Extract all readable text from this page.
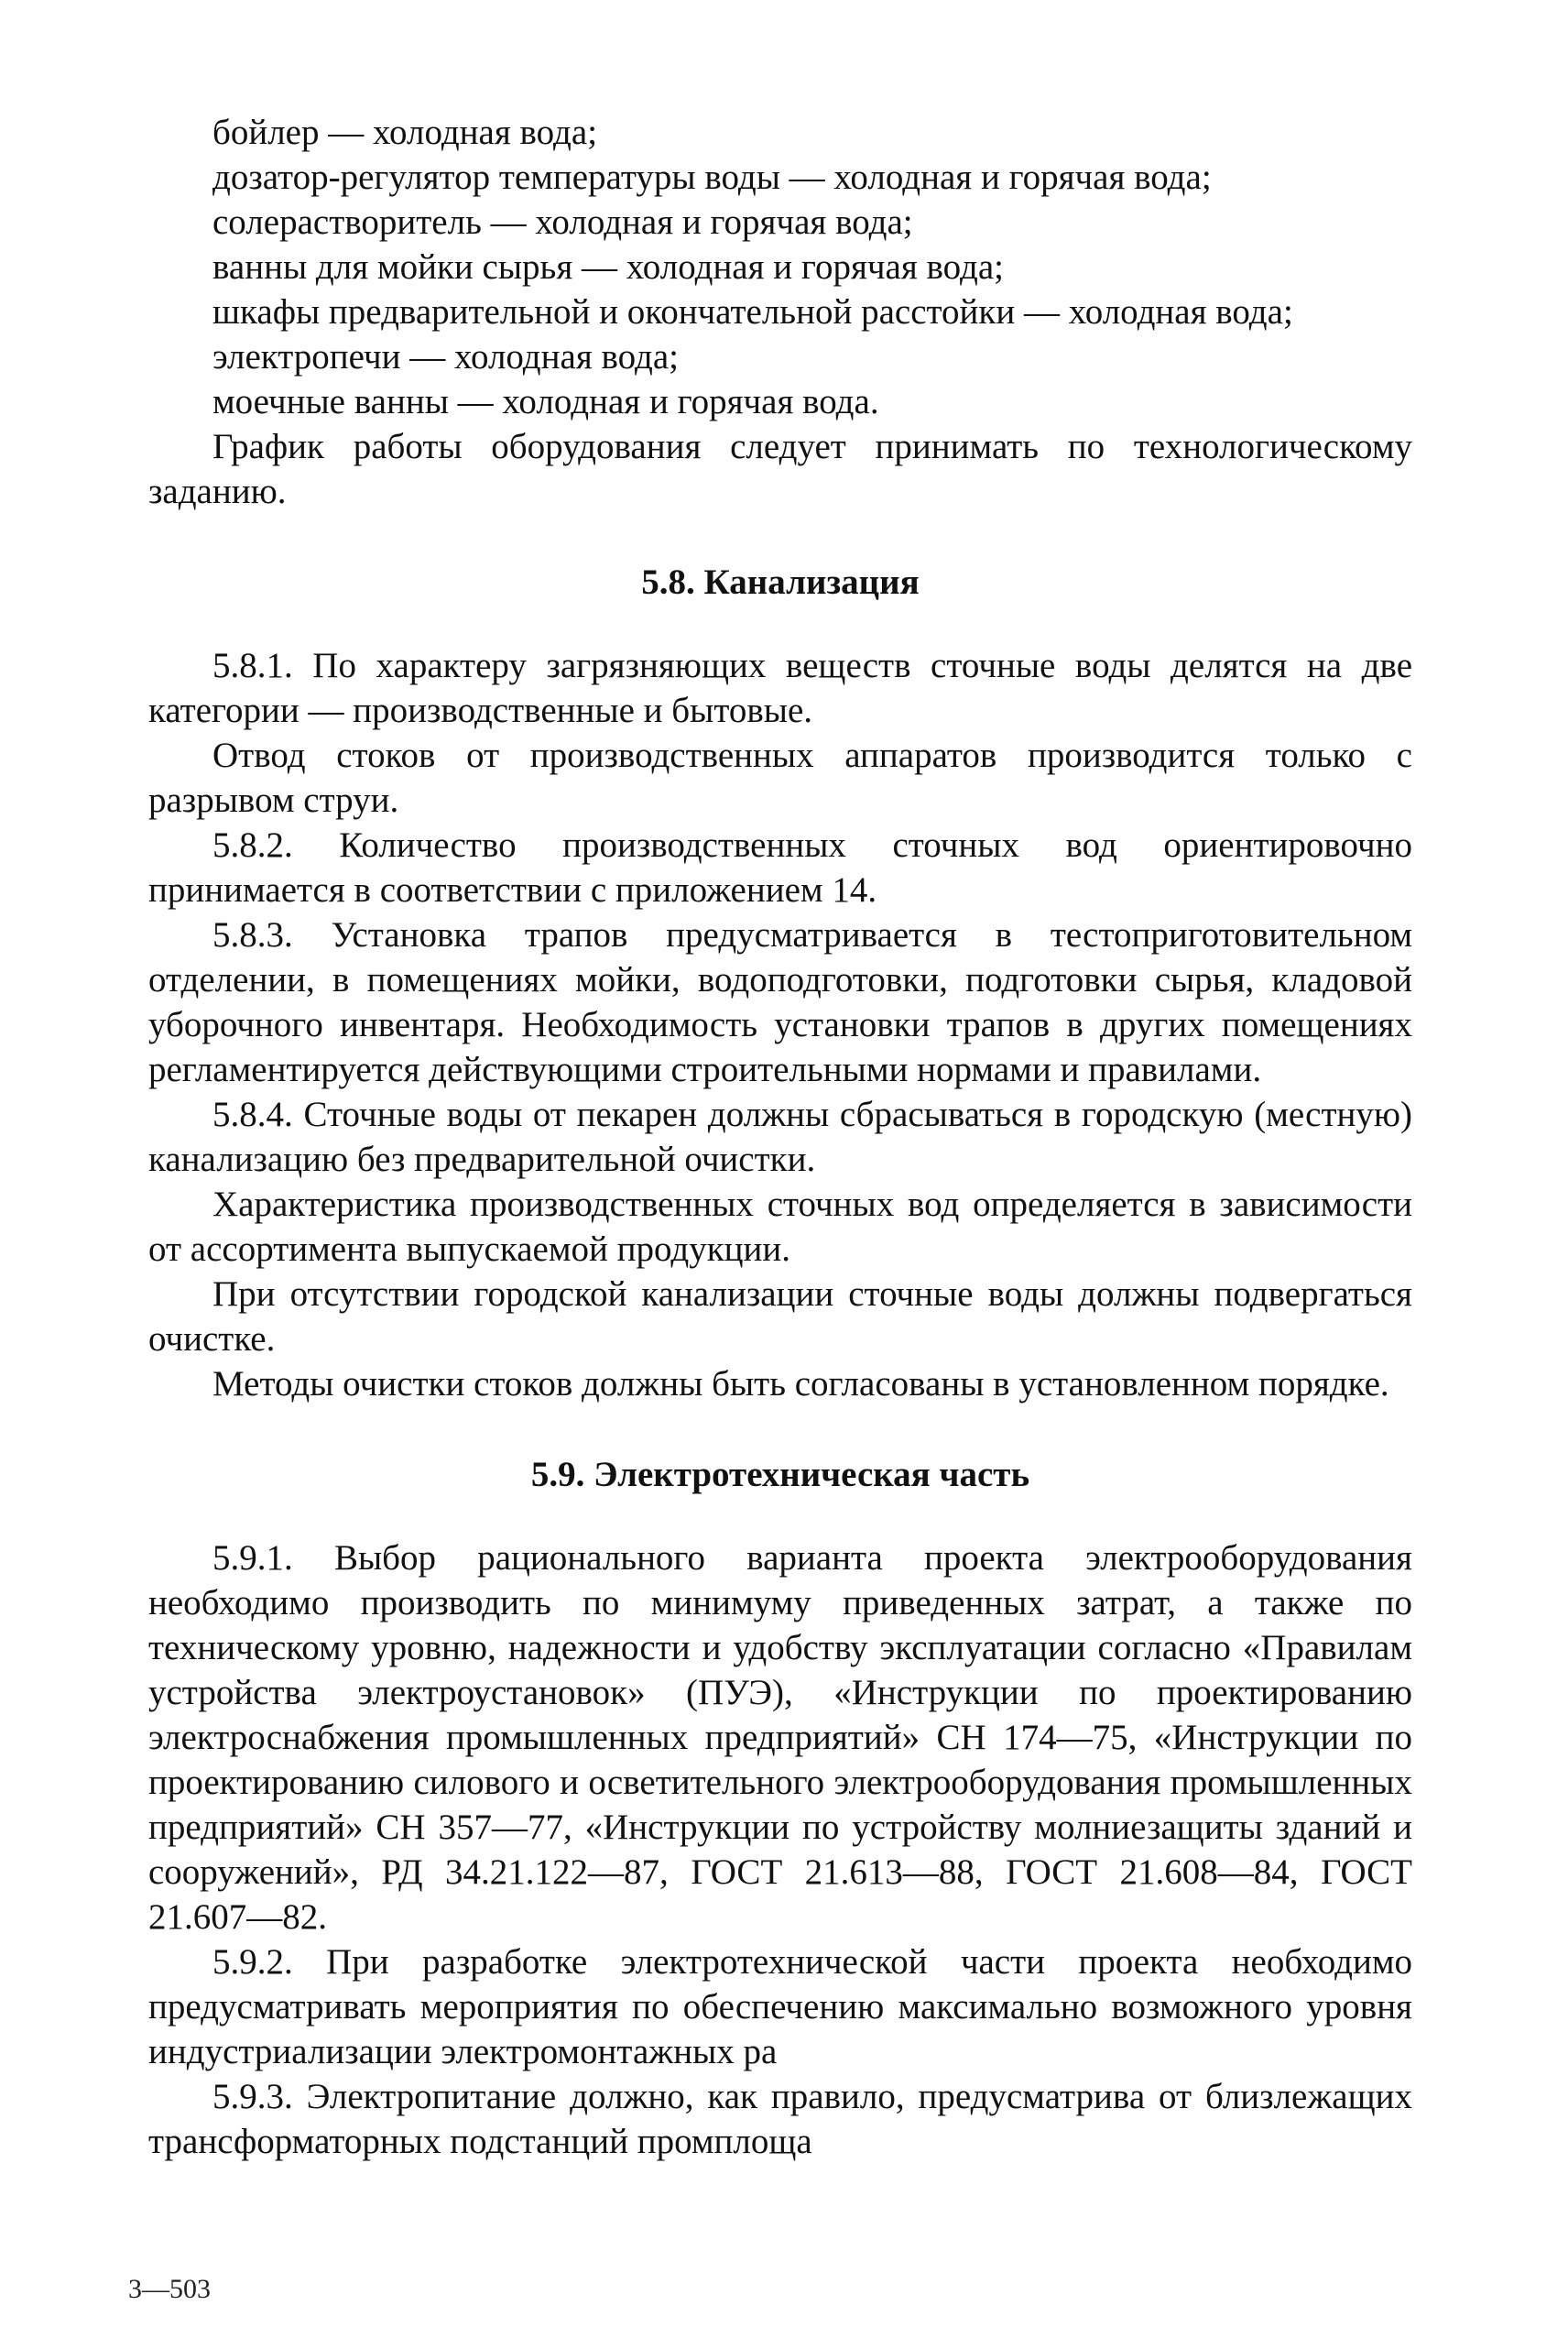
бойлер — холодная вода;

дозатор-регулятор температуры воды — холодная и горячая вода;

солерастворитель — холодная и горячая вода;

ванны для мойки сырья — холодная и горячая вода;

шкафы предварительной и окончательной расстойки — холодная вода;

электропечи — холодная вода;

моечные ванны — холодная и горячая вода.

График работы оборудования следует принимать по технологическому заданию.

5.8. Канализация

5.8.1. По характеру загрязняющих веществ сточные воды делятся на две категории — производственные и бытовые.

Отвод стоков от производственных аппаратов производится только с разрывом струи.

5.8.2. Количество производственных сточных вод ориентировочно принимается в соответствии с приложением 14.

5.8.3. Установка трапов предусматривается в тестоприготовительном отделении, в помещениях мойки, водоподготовки, подготовки сырья, кладовой уборочного инвентаря. Необходимость установки трапов в других помещениях регламентируется действующими строительными нормами и правилами.

5.8.4. Сточные воды от пекарен должны сбрасываться в городскую (местную) канализацию без предварительной очистки.

Характеристика производственных сточных вод определяется в зависимости от ассортимента выпускаемой продукции.

При отсутствии городской канализации сточные воды должны подвергаться очистке.

Методы очистки стоков должны быть согласованы в установленном порядке.

5.9. Электротехническая часть

5.9.1. Выбор рационального варианта проекта электрооборудования необходимо производить по минимуму приведенных затрат, а также по техническому уровню, надежности и удобству эксплуатации согласно «Правилам устройства электроустановок» (ПУЭ), «Инструкции по проектированию электроснабжения промышленных предприятий» СН 174—75, «Инструкции по проектированию силового и осветительного электрооборудования промышленных предприятий» СН 357—77, «Инструкции по устройству молниезащиты зданий и сооружений», РД 34.21.122—87, ГОСТ 21.613—88, ГОСТ 21.608—84, ГОСТ 21.607—82.

5.9.2. При разработке электротехнической части проекта необходимо предусматривать мероприятия по обеспечению максимально возможного уровня индустриализации электромонтажных ра

5.9.3. Электропитание должно, как правило, предусматрива от близлежащих трансформаторных подстанций промплоща

3—503
